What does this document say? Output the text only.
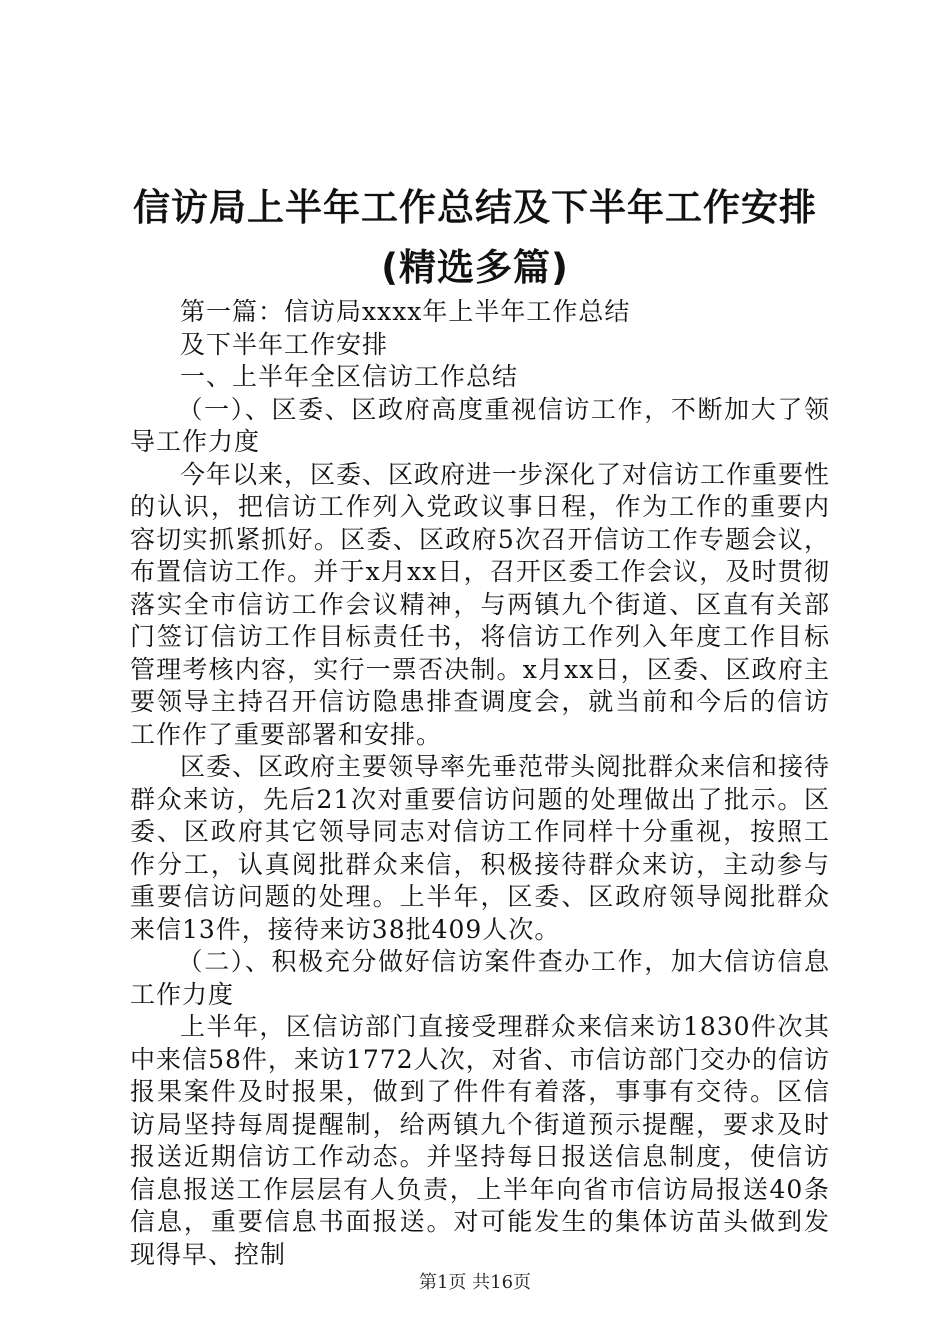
信访局上半年工作总结及下半年工作安排(精选多篇)

第一篇：信访局xxxx年上半年工作总结

及下半年工作安排

一、上半年全区信访工作总结

（一）、区委、区政府高度重视信访工作，不断加大了领导工作力度

今年以来，区委、区政府进一步深化了对信访工作重要性的认识，把信访工作列入党政议事日程，作为工作的重要内容切实抓紧抓好。区委、区政府5次召开信访工作专题会议，布置信访工作。并于x月xx日，召开区委工作会议，及时贯彻落实全市信访工作会议精神，与两镇九个街道、区直有关部门签订信访工作目标责任书，将信访工作列入年度工作目标管理考核内容，实行一票否决制。x月xx日，区委、区政府主要领导主持召开信访隐患排查调度会，就当前和今后的信访工作作了重要部署和安排。

区委、区政府主要领导率先垂范带头阅批群众来信和接待群众来访，先后21次对重要信访问题的处理做出了批示。区委、区政府其它领导同志对信访工作同样十分重视，按照工作分工，认真阅批群众来信，积极接待群众来访，主动参与重要信访问题的处理。上半年，区委、区政府领导阅批群众来信13件，接待来访38批409人次。

（二）、积极充分做好信访案件查办工作，加大信访信息工作力度

上半年，区信访部门直接受理群众来信来访1830件次其中来信58件，来访1772人次，对省、市信访部门交办的信访报果案件及时报果，做到了件件有着落，事事有交待。区信访局坚持每周提醒制，给两镇九个街道预示提醒，要求及时报送近期信访工作动态。并坚持每日报送信息制度，使信访信息报送工作层层有人负责，上半年向省市信访局报送40条信息，重要信息书面报送。对可能发生的集体访苗头做到发现得早、控制

第1页 共16页
